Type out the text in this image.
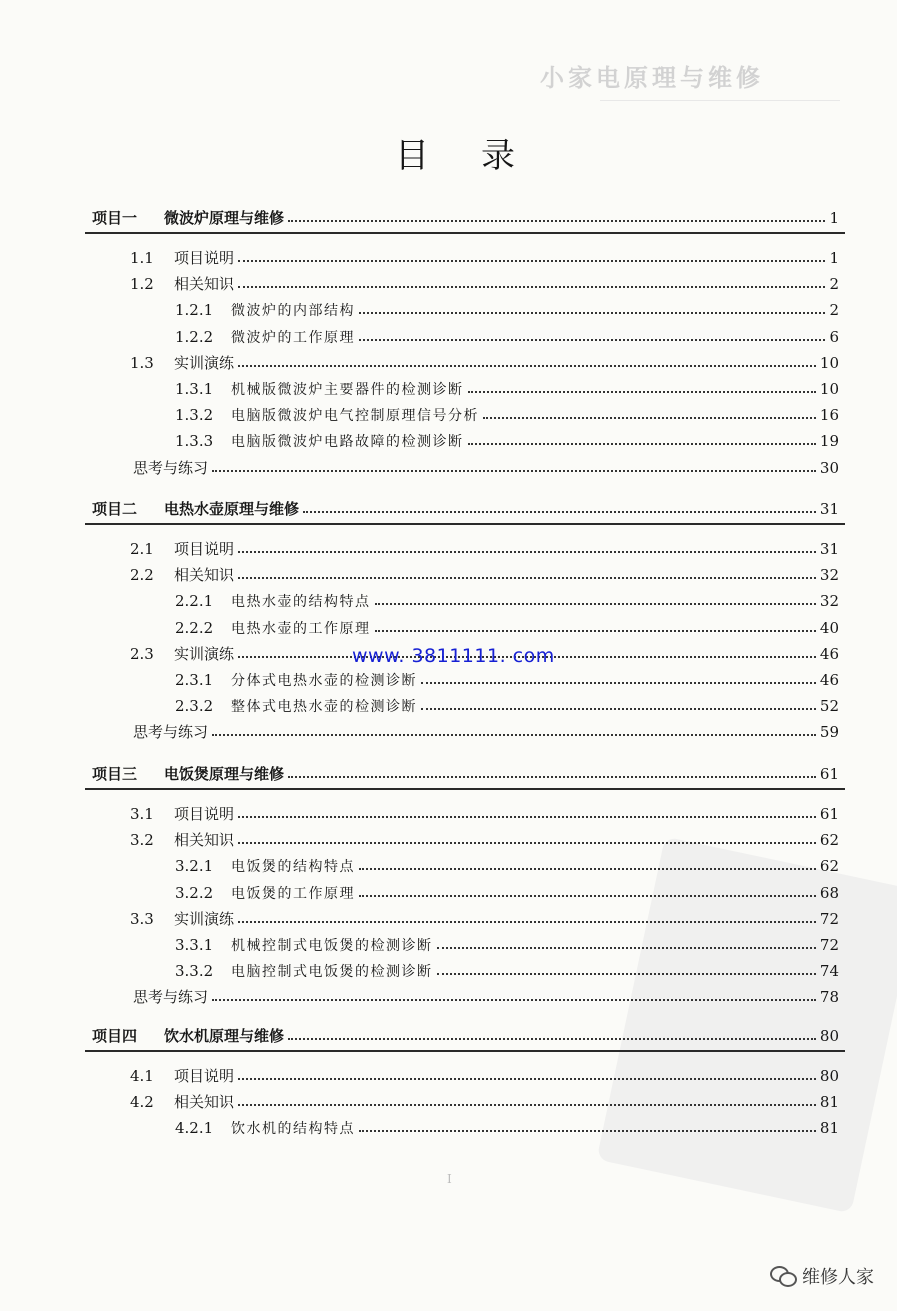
小家电原理与维修
目录
项目一 微波炉原理与维修	1
1.1 项目说明	1
1.2 相关知识	2
1.2.1 微波炉的内部结构	2
1.2.2 微波炉的工作原理	6
1.3 实训演练	10
1.3.1 机械版微波炉主要器件的检测诊断	10
1.3.2 电脑版微波炉电气控制原理信号分析	16
1.3.3 电脑版微波炉电路故障的检测诊断	19
思考与练习	30
项目二 电热水壶原理与维修	31
2.1 项目说明	31
2.2 相关知识	32
2.2.1 电热水壶的结构特点	32
2.2.2 电热水壶的工作原理	40
2.3 实训演练	46
2.3.1 分体式电热水壶的检测诊断	46
2.3.2 整体式电热水壶的检测诊断	52
思考与练习	59
项目三 电饭煲原理与维修	61
3.1 项目说明	61
3.2 相关知识	62
3.2.1 电饭煲的结构特点	62
3.2.2 电饭煲的工作原理	68
3.3 实训演练	72
3.3.1 机械控制式电饭煲的检测诊断	72
3.3.2 电脑控制式电饭煲的检测诊断	74
思考与练习	78
项目四 饮水机原理与维修	80
4.1 项目说明	80
4.2 相关知识	81
4.2.1 饮水机的结构特点	81
www. 3811111. com
I
维修人家
